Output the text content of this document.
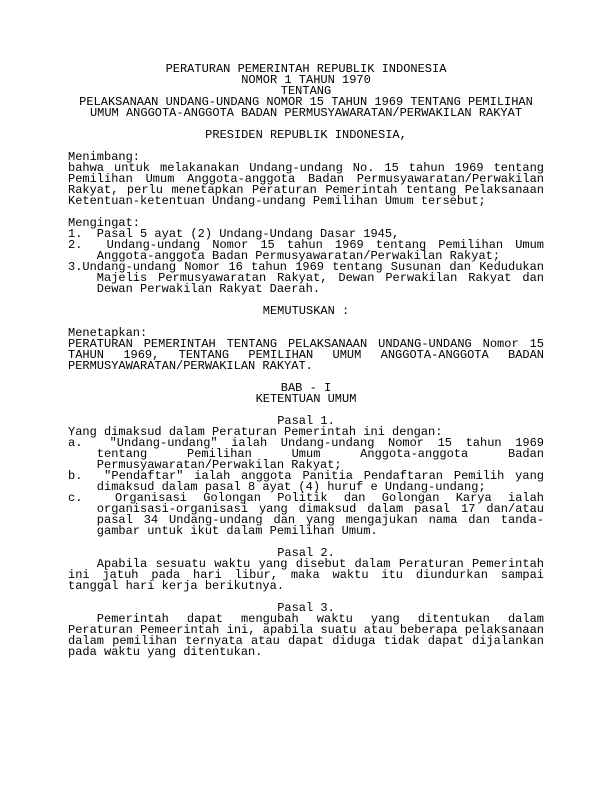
PERATURAN PEMERINTAH REPUBLIK INDONESIA
NOMOR 1 TAHUN 1970
TENTANG
PELAKSANAAN UNDANG-UNDANG NOMOR 15 TAHUN 1969 TENTANG PEMILIHAN
UMUM ANGGOTA-ANGGOTA BADAN PERMUSYAWARATAN/PERWAKILAN RAKYAT
PRESIDEN REPUBLIK INDONESIA,
Menimbang:
bahwa untuk melakanakan Undang-undang No. 15 tahun 1969 tentang Pemilihan Umum Anggota-anggota Badan Permusyawaratan/Perwakilan Rakyat, perlu menetapkan Peraturan Pemerintah tentang Pelaksanaan Ketentuan-ketentuan Undang-undang Pemilihan Umum tersebut;
Mengingat:
1.  Pasal 5 ayat (2) Undang-Undang Dasar 1945,
2.  Undang-undang Nomor 15 tahun 1969 tentang Pemilihan Umum Anggota-anggota Badan Permusyawaratan/Perwakilan Rakyat;
3.Undang-undang Nomor 16 tahun 1969 tentang Susunan dan Kedudukan Majelis Permusyawaratan Rakyat, Dewan Perwakilan Rakyat dan Dewan Perwakilan Rakyat Daerah.
MEMUTUSKAN :
Menetapkan:
PERATURAN PEMERINTAH TENTANG PELAKSANAAN UNDANG-UNDANG Nomor 15 TAHUN 1969, TENTANG PEMILIHAN UMUM ANGGOTA-ANGGOTA BADAN PERMUSYAWARATAN/PERWAKILAN RAKYAT.
BAB - I
KETENTUAN UMUM
Pasal 1.
Yang dimaksud dalam Peraturan Pemerintah ini dengan:
a.  "Undang-undang" ialah Undang-undang Nomor 15 tahun 1969 tentang Pemilihan Umum Anggota-anggota Badan Permusyawaratan/Perwakilan Rakyat;
b.  "Pendaftar" ialah anggota Panitia Pendaftaran Pemilih yang dimaksud dalam pasal 8 ayat (4) huruf e Undang-undang;
c.  Organisasi Golongan Politik dan Golongan Karya ialah organisasi-organisasi yang dimaksud dalam pasal 17 dan/atau pasal 34 Undang-undang dan yang mengajukan nama dan tanda-gambar untuk ikut dalam Pemilihan Umum.
Pasal 2.
Apabila sesuatu waktu yang disebut dalam Peraturan Pemerintah ini jatuh pada hari libur, maka waktu itu diundurkan sampai tanggal hari kerja berikutnya.
Pasal 3.
Pemerintah dapat mengubah waktu yang ditentukan dalam Peraturan Pemeerintah ini, apabila suatu atau beberapa pelaksanaan dalam pemilihan ternyata atau dapat diduga tidak dapat dijalankan pada waktu yang ditentukan.
